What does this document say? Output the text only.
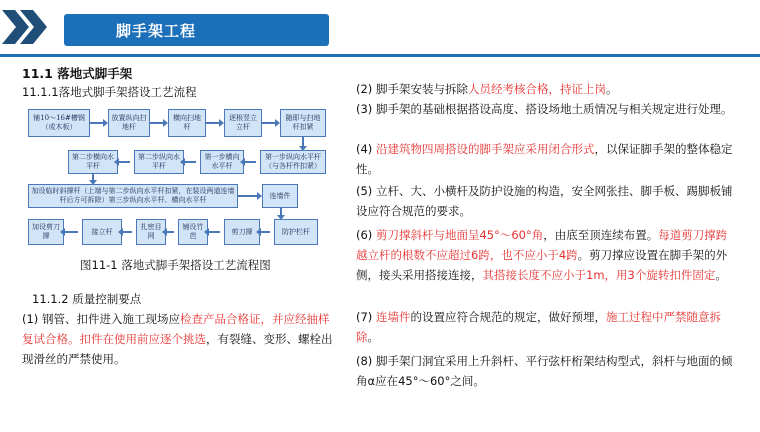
脚手架工程
11.1 落地式脚手架
11.1.1落地式脚手架搭设工艺流程
铺10～16#槽钢（或木板）
放置纵向扫地杆
横向扫地杆
逐根竖立立杆
随即与扫地杆扣紧
第二步横向水平杆
第二步纵向水平杆
第一步横向水平杆
第一步纵向水平杆（与各杆件扣紧）
加设临时斜撑杆（上端与第二步纵向水平杆扣紧，在装设两道连墙杆后方可拆除）第三步纵向水平杆、横向水平杆
连墙件
加设剪刀撑
接立杆
扎密目网
铺设竹芭
剪刀撑	防护栏杆
图11-1 落地式脚手架搭设工艺流程图
11.1.2 质量控制要点
(1) 钢管、扣件进入施工现场应检查产品合格证，并应经抽样复试合格。扣件在使用前应逐个挑选，有裂缝、变形、螺栓出现滑丝的严禁使用。
(2) 脚手架安装与拆除人员经考核合格，持证上岗。
(3) 脚手架的基础根据搭设高度、搭设场地土质情况与相关规定进行处理。
(4) 沿建筑物四周搭设的脚手架应采用闭合形式，以保证脚手架的整体稳定性。
(5) 立杆、大、小横杆及防护设施的构造，安全网张挂、脚手板、踢脚板铺设应符合规范的要求。
(6) 剪刀撑斜杆与地面呈45°～60°角，由底至顶连续布置。每道剪刀撑跨越立杆的根数不应超过6跨，也不应小于4跨。剪刀撑应设置在脚手架的外侧，接头采用搭接连接，其搭接长度不应小于1m，用3个旋转扣件固定。
(7) 连墙件的设置应符合规范的规定，做好预埋，施工过程中严禁随意拆除。
(8) 脚手架门洞宜采用上升斜杆、平行弦杆桁架结构型式，斜杆与地面的倾角α应在45°～60°之间。
